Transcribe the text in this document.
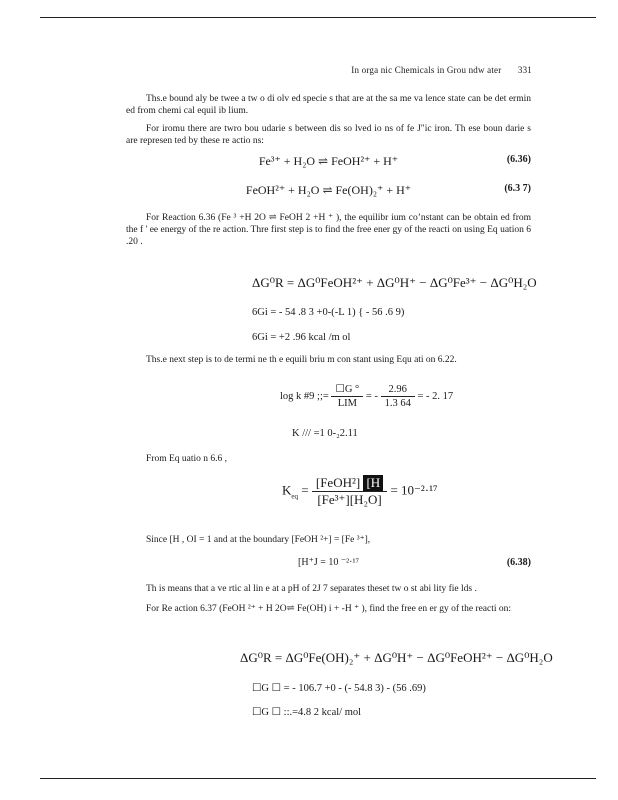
In orga nic Chemicals in Grou ndw ater 331

Ths.e bound aly be twee a tw o di olv ed specie s that are at the sa me va lence state can be det ermin ed from chemi cal equil ib lium.

For iromu there are twro bou udarie s between dis so lved io ns of fe J"ic iron. Th ese boun darie s are represen ted by these re actio ns:

Fe³⁺ + H₂O ⇌ FeOH²⁺ + H⁺	(6.36)
FeOH²⁺ + H₂O ⇌ Fe(OH)₂⁺ + H⁺	(6.3 7)

For Reaction 6.36 (Fe ³ +H 2O ⇌ FeOH 2 +H ⁺ ), the equilibr ium coʼnstant can be obtain ed from the f ' ee energy of the re action. Thre first step is to find the free ener gy of the reacti on using Eq uation 6 .20 .

ΔG⁰R = ΔG⁰FeOH²⁺ + ΔG⁰H⁺ − ΔG⁰Fe³⁺ − ΔG⁰H₂O
6Gi = - 54 .8 3 +0-(-L 1) { - 56 .6 9)
6Gi = +2 .96 kcal /m ol

Ths.e next step is to de termi ne th e equili briu m con stant using Equ ati on 6.22.

log k #9 ;;= $\frac{☐G ^\circ}{\text{LIM}}$ = - $\frac{2.96}{1.3 64}$ = - 2. 17
K /// =1 0-₂2.11

From Eq uatio n 6.6 ,

$K_{eq} = \frac{\text{[FeOH²] [H}}{\text{[Fe³⁺][H₂O]}} = 10^{-2}\cdot^{17}$

Since [H , OI = 1 and at the boundary [FeOH ²+] = [Fe ³⁺],

[H⁺J = 10 ⁻²·¹⁷	(6.38)

Th is means that a ve rtic al lin e at a pH of 2J 7 separates theset tw o st abi lity fie lds .

For Re action 6.37 (FeOH ²⁺ + H 2O⇌ Fe(OH) i + -H ⁺ ), find the free en er gy of the reacti on:

ΔG⁰R = ΔG⁰Fe(OH)₂⁺ + ΔG⁰H⁺ − ΔG⁰FeOH²⁺ − ΔG⁰H₂O
☐G ☐ = - 106.7 +0 - (- 54.8 3) - (56 .69)
☐G ☐ ::.=4.8 2 kcal/ mol
